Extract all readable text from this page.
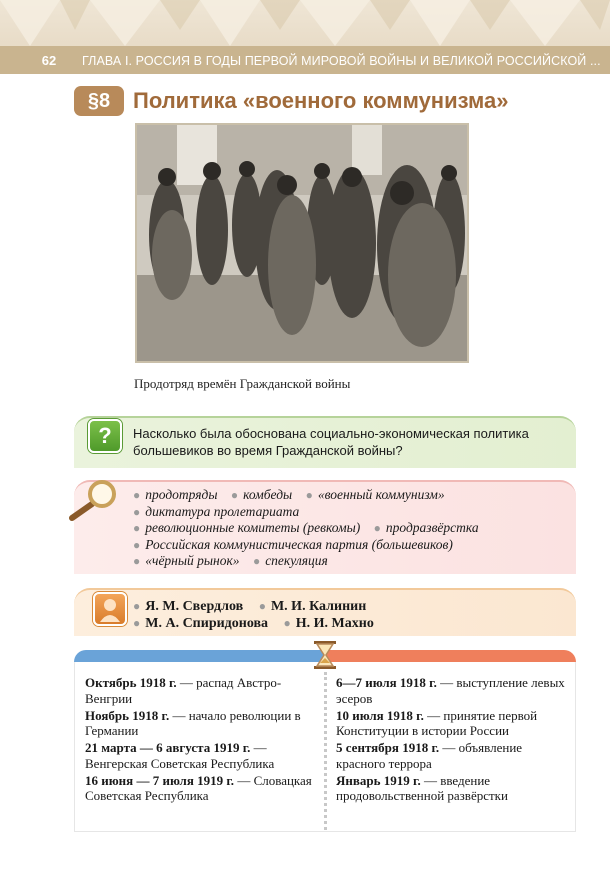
62	ГЛАВА I. РОССИЯ В ГОДЫ ПЕРВОЙ МИРОВОЙ ВОЙНЫ И ВЕЛИКОЙ РОССИЙСКОЙ ...
§8	Политика «военного коммунизма»
Продотряд времён Гражданской войны
?	Насколько была обоснована социально-экономическая политика большевиков во время Гражданской войны?
● продотряды ● комбеды ● «военный коммунизм»
● диктатура пролетариата
● революционные комитеты (ревкомы) ● продразвёрстка
● Российская коммунистическая партия (большевиков)
● «чёрный рынок» ● спекуляция
● Я. М. Свердлов ● М. И. Калинин
● М. А. Спиридонова ● Н. И. Махно
Октябрь 1918 г. — распад Австро-Венгрии
Ноябрь 1918 г. — начало революции в Германии
21 марта — 6 августа 1919 г. — Венгерская Советская Республика
16 июня — 7 июля 1919 г. — Словацкая Советская Республика
6—7 июля 1918 г. — выступление левых эсеров
10 июля 1918 г. — принятие первой Конституции в истории России
5 сентября 1918 г. — объявление красного террора
Январь 1919 г. — введение продовольственной развёрстки
